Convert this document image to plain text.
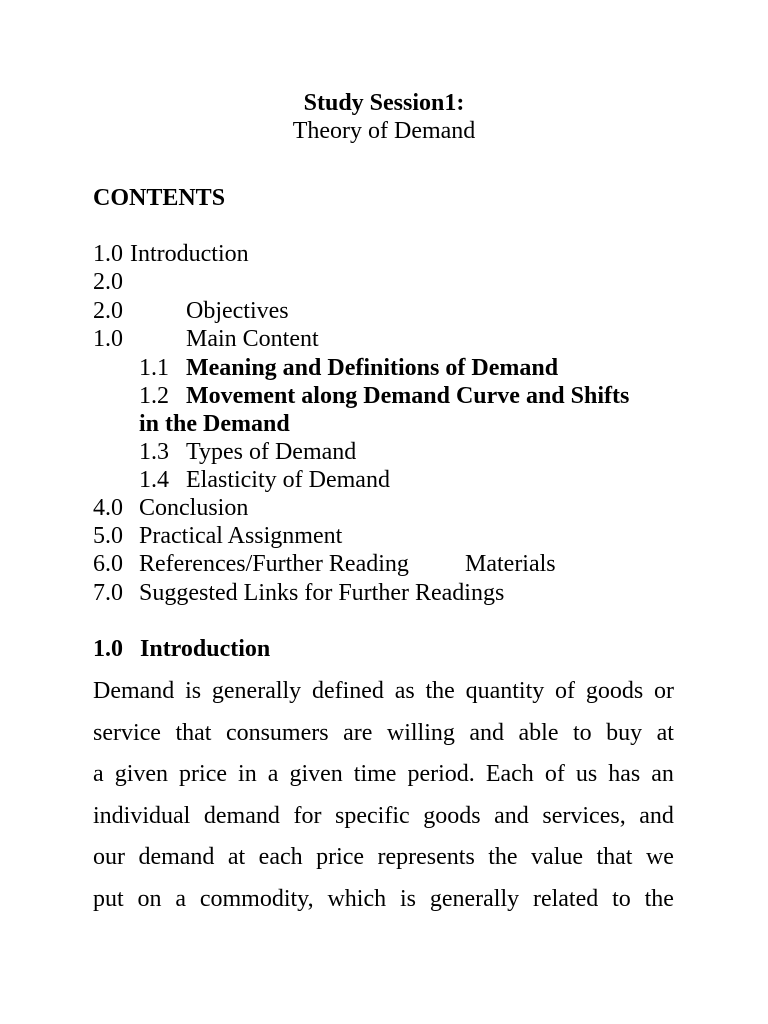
Study Session1:
Theory of Demand
CONTENTS
1.0 Introduction
2.0
2.0	Objectives
1.0	Main Content
1.1 Meaning and Definitions of Demand
1.2 Movement along Demand Curve and Shifts
in the Demand
1.3 Types of Demand
1.4 Elasticity of Demand
4.0 Conclusion
5.0 Practical Assignment
6.0 References/Further Reading Materials
7.0 Suggested Links for Further Readings
1.0 Introduction
Demand is generally defined as the quantity of goods or
service that consumers are willing and able to buy at
a given price in a given time period. Each of us has an
individual demand for specific goods and services, and
our demand at each price represents the value that we
put on a commodity, which is generally related to the
